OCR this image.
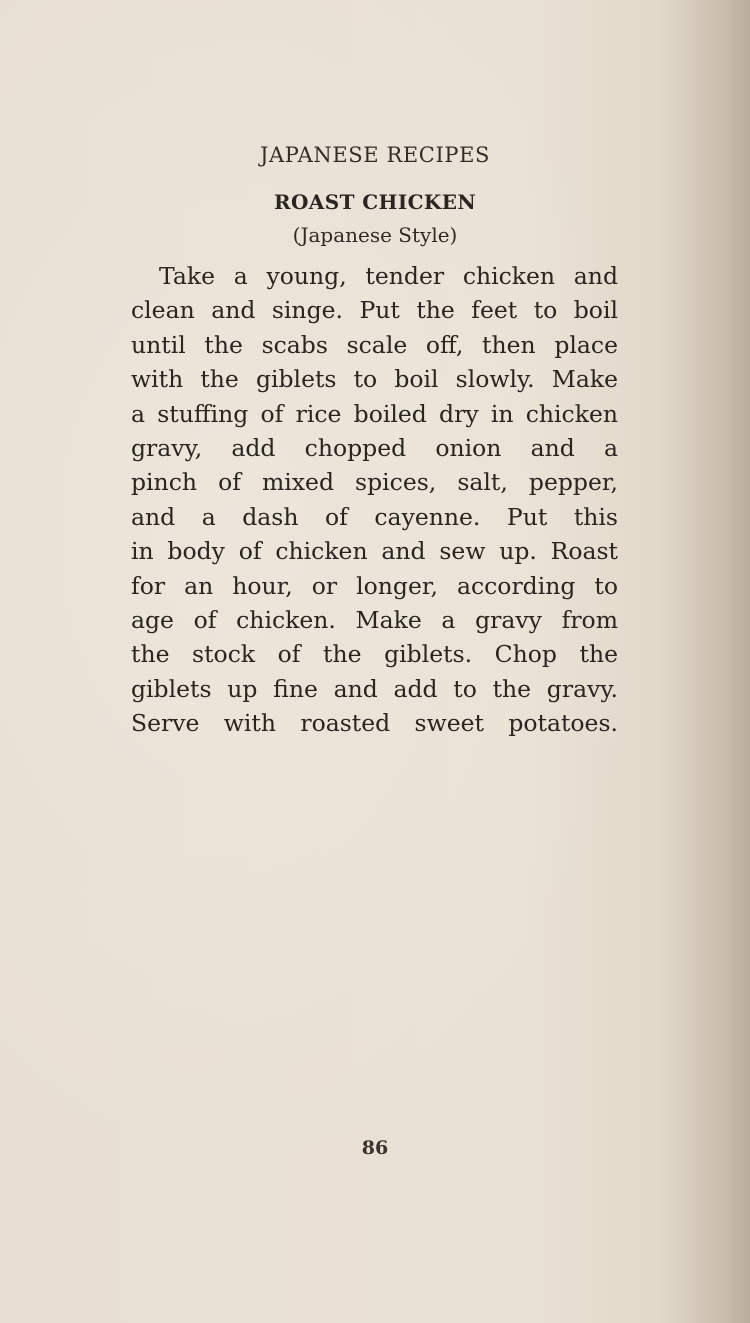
JAPANESE RECIPES
ROAST CHICKEN
(Japanese Style)
Take a young, tender chicken and
clean and singe. Put the feet to boil
until the scabs scale off, then place
with the giblets to boil slowly. Make
a stuffing of rice boiled dry in chicken
gravy, add chopped onion and a
pinch of mixed spices, salt, pepper,
and a dash of cayenne. Put this
in body of chicken and sew up. Roast
for an hour, or longer, according to
age of chicken. Make a gravy from
the stock of the giblets. Chop the
giblets up fine and add to the gravy.
Serve with roasted sweet potatoes.
86
